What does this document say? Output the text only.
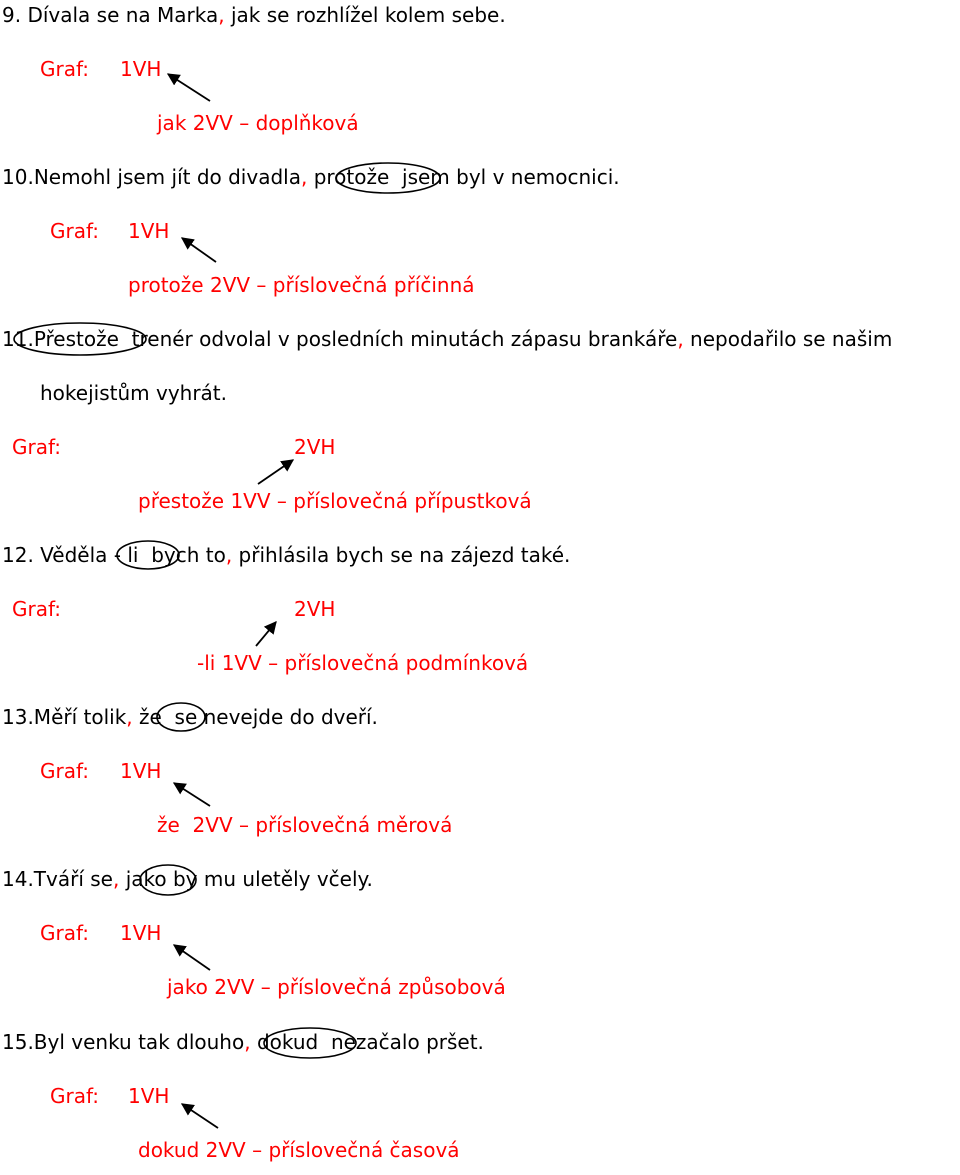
9. Dívala se na Marka, jak se rozhlížel kolem sebe.
Graf: 1VH
jak 2VV – doplňková
10.Nemohl jsem jít do divadla, protože jsem byl v nemocnici.
Graf: 1VH
protože 2VV – příslovečná příčinná
11.Přestože trenér odvolal v posledních minutách zápasu brankáře, nepodařilo se našim
hokejistům vyhrát.
Graf:	2VH
přestože 1VV – příslovečná přípustková
12. Věděla - li bych to, přihlásila bych se na zájezd také.
Graf:	2VH
-li 1VV – příslovečná podmínková
13.Měří tolik, že se nevejde do dveří.
Graf: 1VH
že 2VV – příslovečná měrová
14.Tváří se, jako by mu uletěly včely.
Graf: 1VH
jako 2VV – příslovečná způsobová
15.Byl venku tak dlouho, dokud nezačalo pršet.
Graf: 1VH
dokud 2VV – příslovečná časová
